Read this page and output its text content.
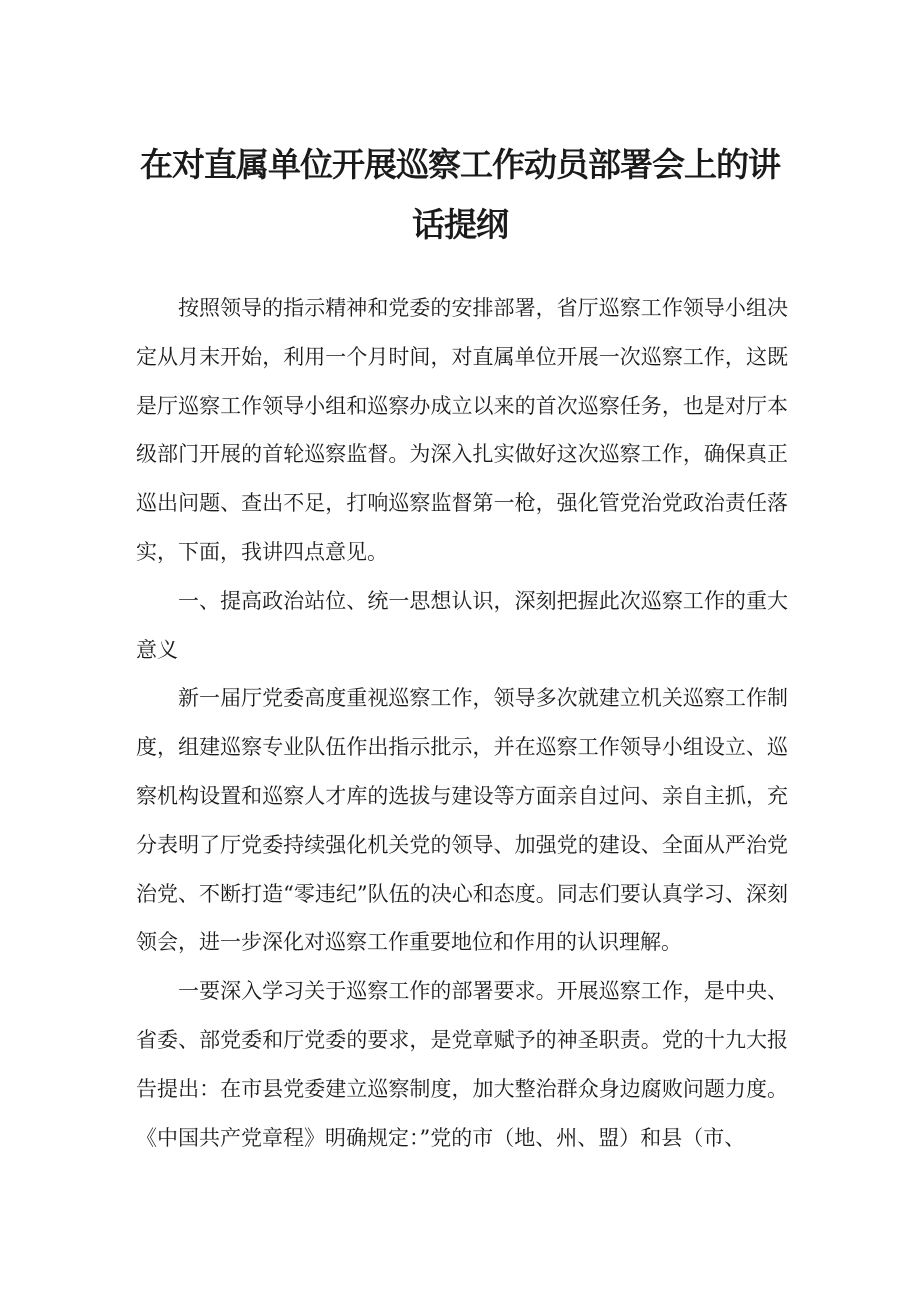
在对直属单位开展巡察工作动员部署会上的讲
话提纲

按照领导的指示精神和党委的安排部署，省厅巡察工作领导小组决定从月末开始，利用一个月时间，对直属单位开展一次巡察工作，这既是厅巡察工作领导小组和巡察办成立以来的首次巡察任务，也是对厅本级部门开展的首轮巡察监督。为深入扎实做好这次巡察工作，确保真正巡出问题、查出不足，打响巡察监督第一枪，强化管党治党政治责任落实，下面，我讲四点意见。

一、提高政治站位、统一思想认识，深刻把握此次巡察工作的重大意义

新一届厅党委高度重视巡察工作，领导多次就建立机关巡察工作制度，组建巡察专业队伍作出指示批示，并在巡察工作领导小组设立、巡察机构设置和巡察人才库的选拔与建设等方面亲自过问、亲自主抓，充分表明了厅党委持续强化机关党的领导、加强党的建设、全面从严治党治党、不断打造“零违纪”队伍的决心和态度。同志们要认真学习、深刻领会，进一步深化对巡察工作重要地位和作用的认识理解。

一要深入学习关于巡察工作的部署要求。开展巡察工作，是中央、省委、部党委和厅党委的要求，是党章赋予的神圣职责。党的十九大报告提出：在市县党委建立巡察制度，加大整治群众身边腐败问题力度。《中国共产党章程》明确规定：”党的市（地、州、盟）和县（市、
